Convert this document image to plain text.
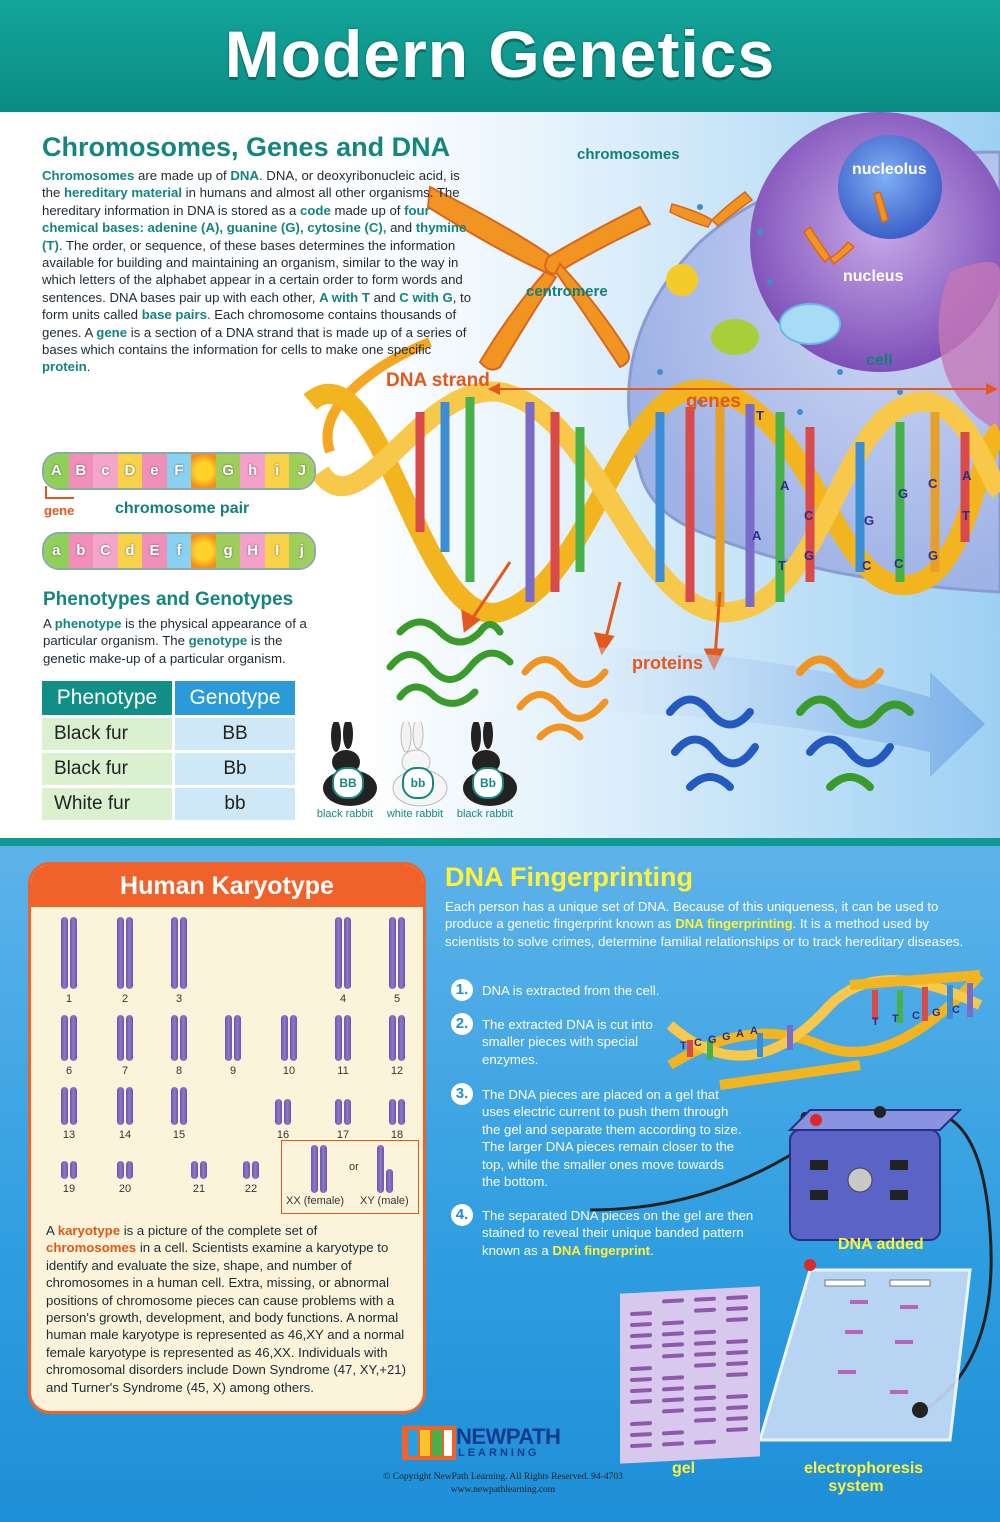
Modern Genetics
T
A
C
G
A
T
G
C
G
C
C
A
T
G
chromosomes
nucleolus
nucleus
centromere
cell
DNA strand
genes
proteins
Chromosomes, Genes and DNA
Chromosomes are made up of DNA. DNA, or deoxyribonucleic acid, is the hereditary material in humans and almost all other organisms. The hereditary information in DNA is stored as a code made up of four chemical bases: adenine (A), guanine (G), cytosine (C), and thymine (T). The order, or sequence, of these bases determines the information available for building and maintaining an organism, similar to the way in which letters of the alphabet appear in a certain order to form words and sentences. DNA bases pair up with each other, A with T and C with G, to form units called base pairs. Each chromosome contains thousands of genes. A gene is a section of a DNA strand that is made up of a series of bases which contains the information for cells to make one specific protein.
A B c D e	F	G h	i	J
a	b C d E	f	g H	I	j
gene	chromosome pair
Phenotypes and Genotypes
A phenotype is the physical appearance of a particular organism. The genotype is the genetic make-up of a particular organism.
Phenotype	Genotype
Black fur	BB
Black fur	Bb
White fur	bb
BB	bb	Bb
black rabbit	white rabbit	black rabbit
Human Karyotype
1	2	3	4	5
6	7	8	9	10	11	12
13	14	15	16	17	18
19	20	21	22
or
XX (female) XY (male)
A karyotype is a picture of the complete set of chromosomes in a cell. Scientists examine a karyotype to identify and evaluate the size, shape, and number of chromosomes in a human cell. Extra, missing, or abnormal positions of chromosome pieces can cause problems with a person's growth, development, and body functions. A normal human male karyotype is represented as 46,XY and a normal female karyotype is represented as 46,XX. Individuals with chromosomal disorders include Down Syndrome (47, XY,+21) and Turner's Syndrome (45, X) among others.
DNA Fingerprinting
Each person has a unique set of DNA. Because of this uniqueness, it can be used to produce a genetic fingerprint known as DNA fingerprinting. It is a method used by scientists to solve crimes, determine familial relationships or to track hereditary diseases.
1.	DNA is extracted from the cell.
2.	The extracted DNA is cut into smaller pieces with special enzymes.
3.	The DNA pieces are placed on a gel that uses electric current to push them through the gel and separate them according to size. The larger DNA pieces remain closer to the top, while the smaller ones move towards the bottom.
4.	The separated DNA pieces on the gel are then stained to reveal their unique banded pattern known as a DNA fingerprint.
T C G G A A
T T C G C
DNA added
gel	electrophoresis system
NEWPATH
LEARNING
© Copyright NewPath Learning. All Rights Reserved. 94-4703
www.newpathlearning.com
